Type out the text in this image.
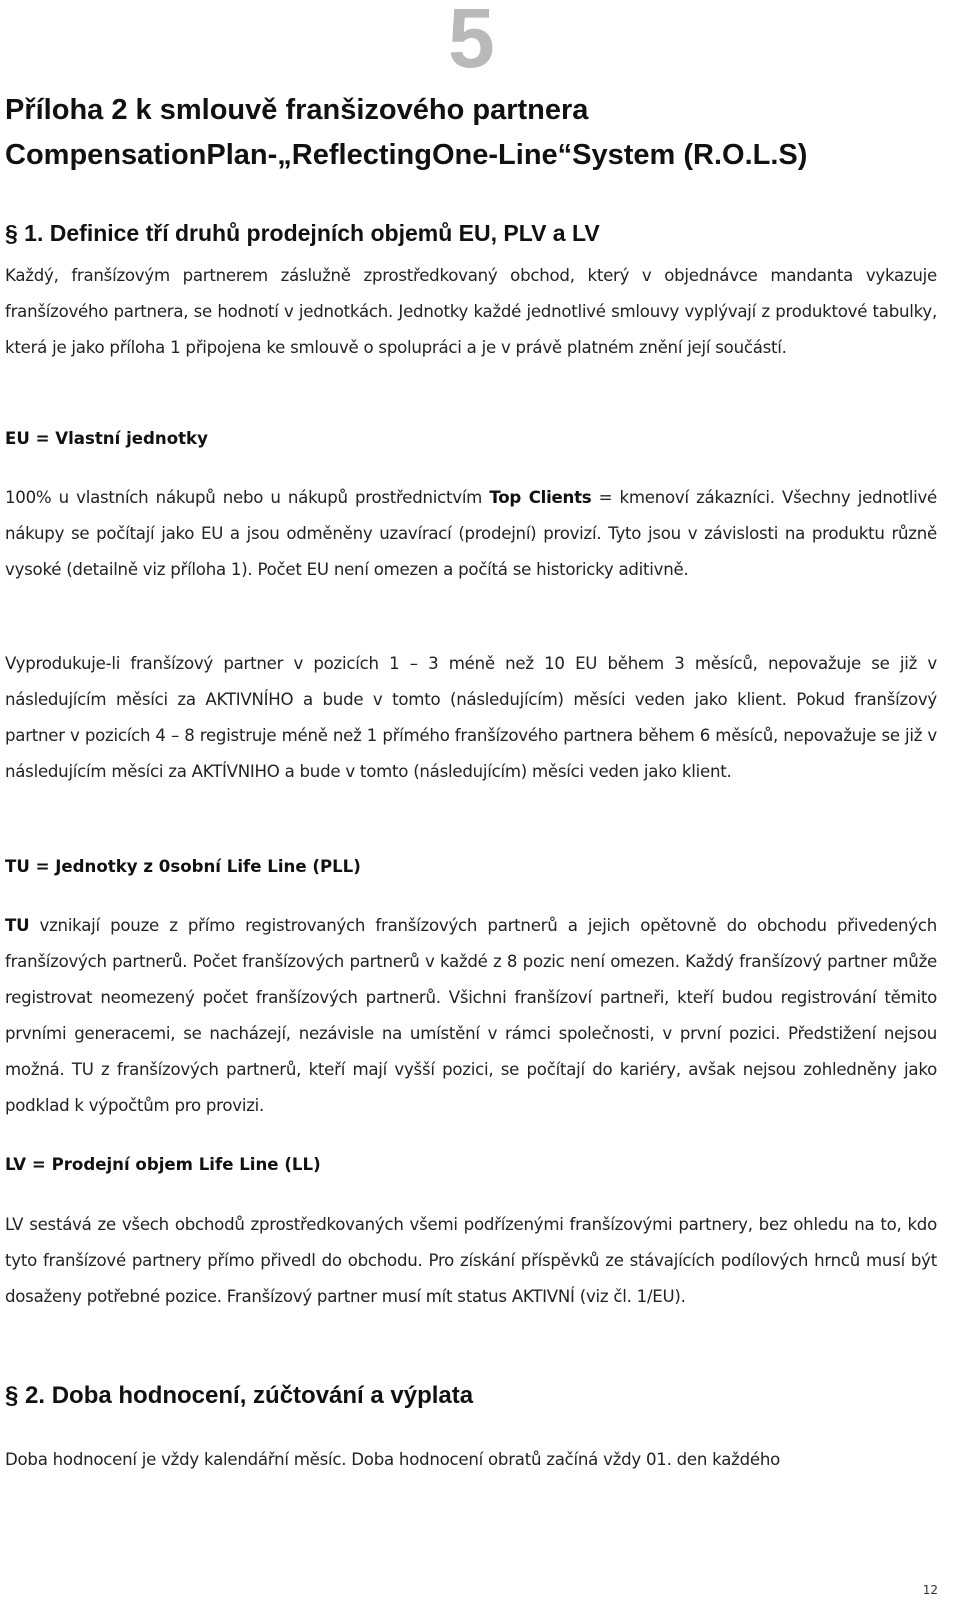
5
Příloha 2 k smlouvě franšizového partnera
CompensationPlan-„ReflectingOne-Line“System (R.O.L.S)
§ 1. Definice tří druhů prodejních objemů EU, PLV a LV

Každý, franšízovým partnerem záslužně zprostředkovaný obchod, který v objednávce mandanta vykazuje franšízového partnera, se hodnotí v jednotkách. Jednotky každé jednotlivé smlouvy vyplývají z produktové tabulky, která je jako příloha 1 připojena ke smlouvě o spolupráci a je v právě platném znění její součástí.

EU = Vlastní jednotky

100% u vlastních nákupů nebo u nákupů prostřednictvím Top Clients = kmenoví zákazníci. Všechny jednotlivé nákupy se počítají jako EU a jsou odměněny uzavírací (prodejní) provizí. Tyto jsou v závislosti na produktu různě vysoké (detailně viz příloha 1). Počet EU není omezen a počítá se historicky aditivně.

Vyprodukuje-li franšízový partner v pozicích 1 – 3 méně než 10 EU během 3 měsíců, nepovažuje se již v následujícím měsíci za AKTIVNÍHO a bude v tomto (následujícím) měsíci veden jako klient. Pokud franšízový partner v pozicích 4 – 8 registruje méně než 1 přímého franšízového partnera během 6 měsíců, nepovažuje se již v následujícím měsíci za AKTÍVNIHO a bude v tomto (následujícím) měsíci veden jako klient.

TU = Jednotky z 0sobní Life Line (PLL)

TU vznikají pouze z přímo registrovaných franšízových partnerů a jejich opětovně do obchodu přivedených franšízových partnerů. Počet franšízových partnerů v každé z 8 pozic není omezen. Každý franšízový partner může registrovat neomezený počet franšízových partnerů. Všichni franšízoví partneři, kteří budou registrování těmito prvními generacemi, se nacházejí, nezávisle na umístění v rámci společnosti, v první pozici. Předstižení nejsou možná. TU z franšízových partnerů, kteří mají vyšší pozici, se počítají do kariéry, avšak nejsou zohledněny jako podklad k výpočtům pro provizi.

LV = Prodejní objem Life Line (LL)

LV sestává ze všech obchodů zprostředkovaných všemi podřízenými franšízovými partnery, bez ohledu na to, kdo tyto franšízové partnery přímo přivedl do obchodu. Pro získání příspěvků ze stávajících podílových hrnců musí být dosaženy potřebné pozice. Franšízový partner musí mít status AKTIVNÍ (viz čl. 1/EU).

§ 2. Doba hodnocení, zúčtování a výplata

Doba hodnocení je vždy kalendářní měsíc. Doba hodnocení obratů začíná vždy 01. den každého

12
